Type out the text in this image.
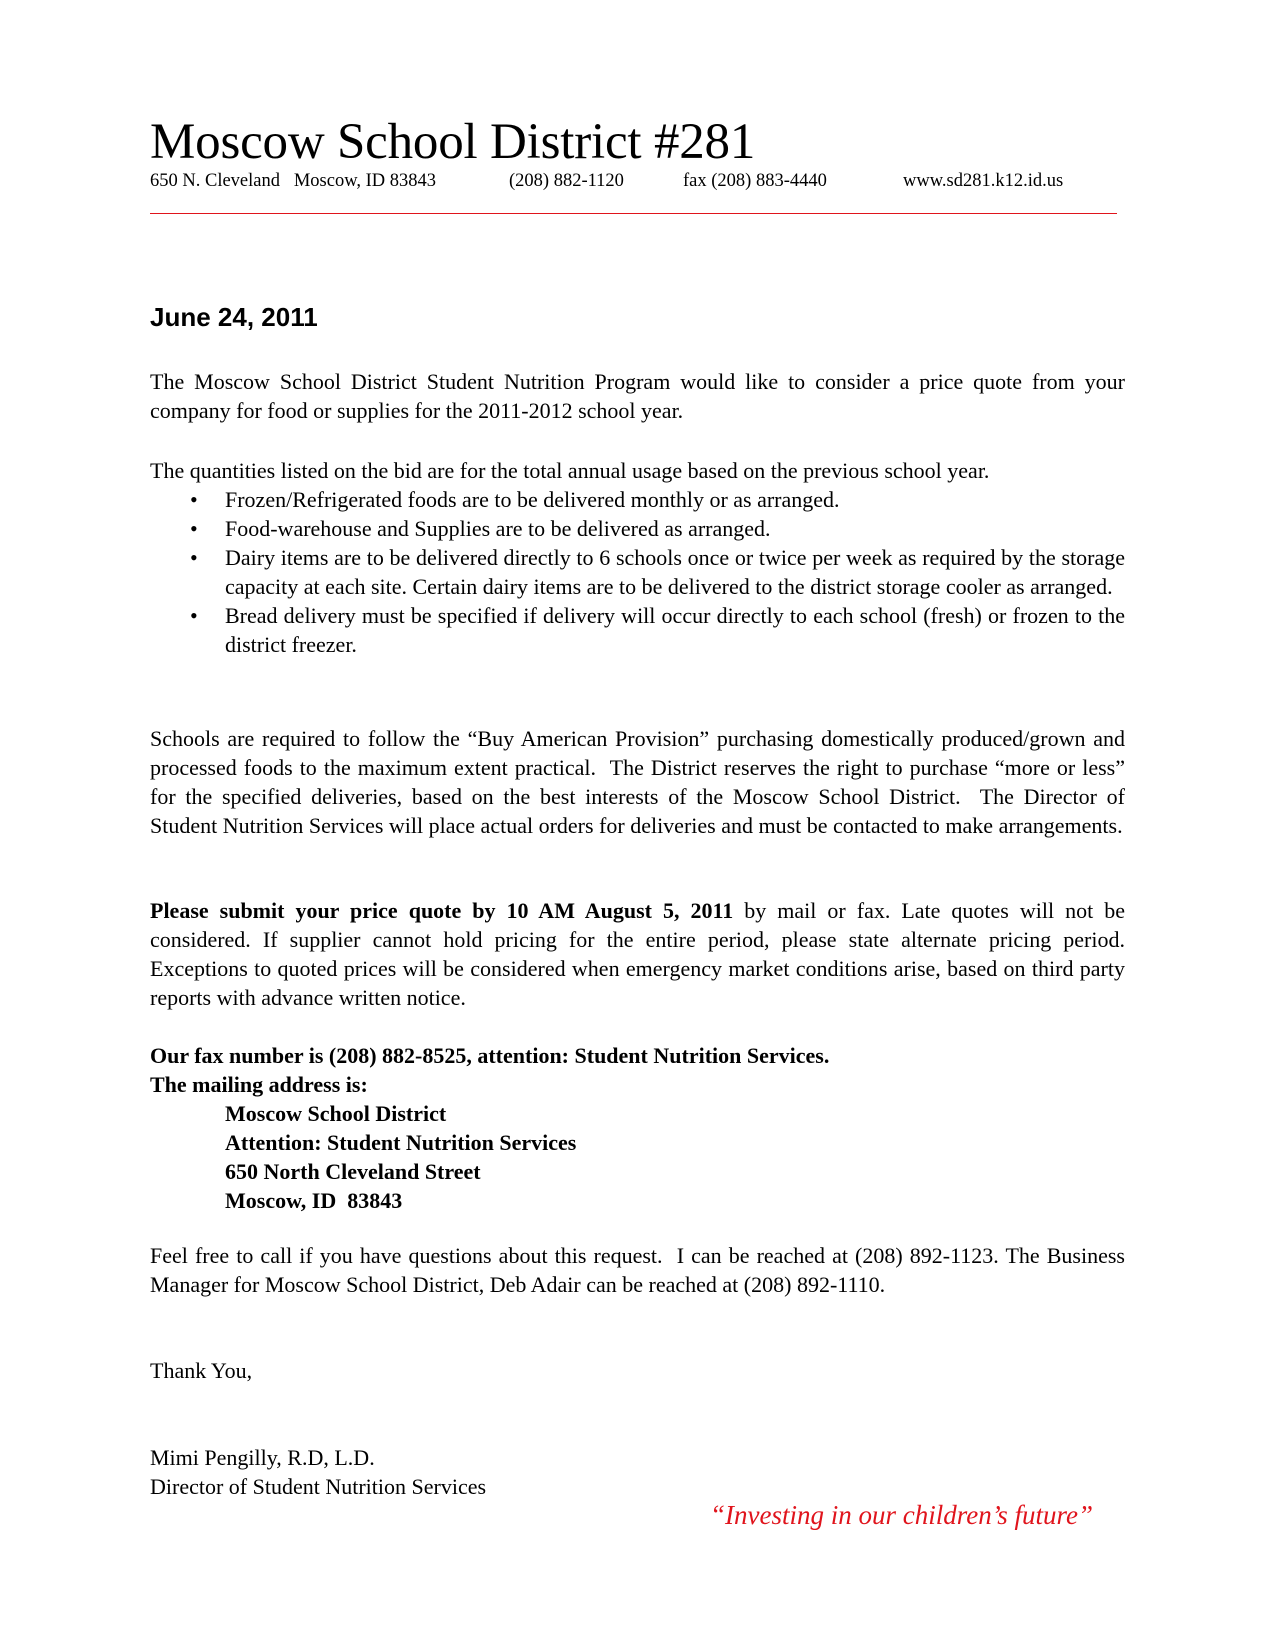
Moscow School District #281
650 N. Cleveland   Moscow, ID 83843	(208) 882-1120	fax (208) 883-4440	www.sd281.k12.id.us
June 24, 2011

The Moscow School District Student Nutrition Program would like to consider a price quote from your company for food or supplies for the 2011-2012 school year.

The quantities listed on the bid are for the total annual usage based on the previous school year.

• Frozen/Refrigerated foods are to be delivered monthly or as arranged.
• Food-warehouse and Supplies are to be delivered as arranged.
• Dairy items are to be delivered directly to 6 schools once or twice per week as required by the storage capacity at each site. Certain dairy items are to be delivered to the district storage cooler as arranged.
• Bread delivery must be specified if delivery will occur directly to each school (fresh) or frozen to the district freezer.

Schools are required to follow the “Buy American Provision” purchasing domestically produced/grown and processed foods to the maximum extent practical.  The District reserves the right to purchase “more or less” for the specified deliveries, based on the best interests of the Moscow School District.  The Director of Student Nutrition Services will place actual orders for deliveries and must be contacted to make arrangements.

Please submit your price quote by 10 AM August 5, 2011 by mail or fax. Late quotes will not be considered. If supplier cannot hold pricing for the entire period, please state alternate pricing period. Exceptions to quoted prices will be considered when emergency market conditions arise, based on third party reports with advance written notice.

Our fax number is (208) 882-8525, attention: Student Nutrition Services.
The mailing address is:
Moscow School District
Attention: Student Nutrition Services
650 North Cleveland Street
Moscow, ID  83843

Feel free to call if you have questions about this request.  I can be reached at (208) 892-1123. The Business Manager for Moscow School District, Deb Adair can be reached at (208) 892-1110.

Thank You,
Mimi Pengilly, R.D, L.D.
Director of Student Nutrition Services
“Investing in our children’s future”
